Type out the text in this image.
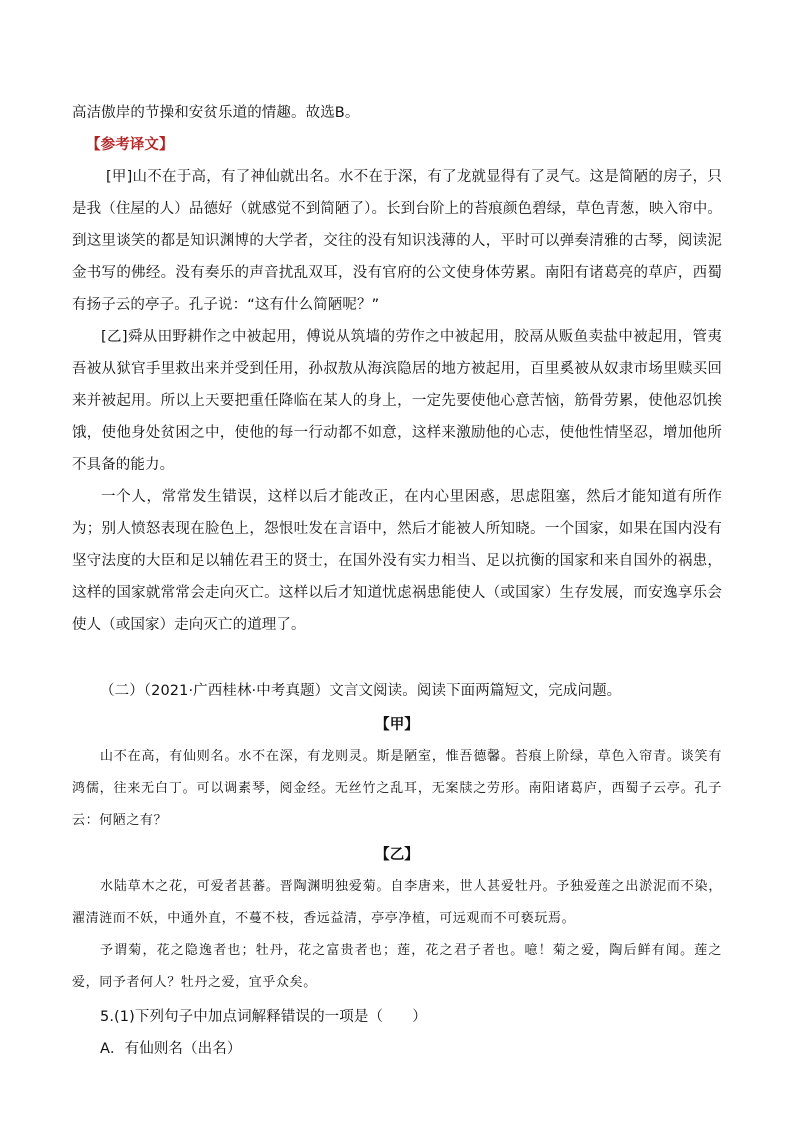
高洁傲岸的节操和安贫乐道的情趣。故选B。

【参考译文】

[甲]山不在于高，有了神仙就出名。水不在于深，有了龙就显得有了灵气。这是简陋的房子，只是我（住屋的人）品德好（就感觉不到简陋了）。长到台阶上的苔痕颜色碧绿，草色青葱，映入帘中。到这里谈笑的都是知识渊博的大学者，交往的没有知识浅薄的人，平时可以弹奏清雅的古琴，阅读泥金书写的佛经。没有奏乐的声音扰乱双耳，没有官府的公文使身体劳累。南阳有诸葛亮的草庐，西蜀有扬子云的亭子。孔子说：“这有什么简陋呢？”

[乙]舜从田野耕作之中被起用，傅说从筑墙的劳作之中被起用，胶鬲从贩鱼卖盐中被起用，管夷吾被从狱官手里救出来并受到任用，孙叔敖从海滨隐居的地方被起用，百里奚被从奴隶市场里赎买回来并被起用。所以上天要把重任降临在某人的身上，一定先要使他心意苦恼，筋骨劳累，使他忍饥挨饿，使他身处贫困之中，使他的每一行动都不如意，这样来激励他的心志，使他性情坚忍，增加他所不具备的能力。

一个人，常常发生错误，这样以后才能改正，在内心里困惑，思虑阻塞，然后才能知道有所作为；别人愤怒表现在脸色上，怨恨吐发在言语中，然后才能被人所知晓。一个国家，如果在国内没有坚守法度的大臣和足以辅佐君王的贤士，在国外没有实力相当、足以抗衡的国家和来自国外的祸患，这样的国家就常常会走向灭亡。这样以后才知道忧虑祸患能使人（或国家）生存发展，而安逸享乐会使人（或国家）走向灭亡的道理了。

（二）（2021·广西桂林·中考真题）文言文阅读。阅读下面两篇短文，完成问题。

【甲】

山不在高，有仙则名。水不在深，有龙则灵。斯是陋室，惟吾德馨。苔痕上阶绿，草色入帘青。谈笑有鸿儒，往来无白丁。可以调素琴，阅金经。无丝竹之乱耳，无案牍之劳形。南阳诸葛庐，西蜀子云亭。孔子云：何陋之有？

【乙】

水陆草木之花，可爱者甚蕃。晋陶渊明独爱菊。自李唐来，世人甚爱牡丹。予独爱莲之出淤泥而不染，濯清涟而不妖，中通外直，不蔓不枝，香远益清，亭亭净植，可远观而不可亵玩焉。

予谓菊，花之隐逸者也；牡丹，花之富贵者也；莲，花之君子者也。噫！菊之爱，陶后鲜有闻。莲之爱，同予者何人？牡丹之爱，宜乎众矣。

5.(1)下列句子中加点词解释错误的一项是（　　）

A．有仙则名（出名）
